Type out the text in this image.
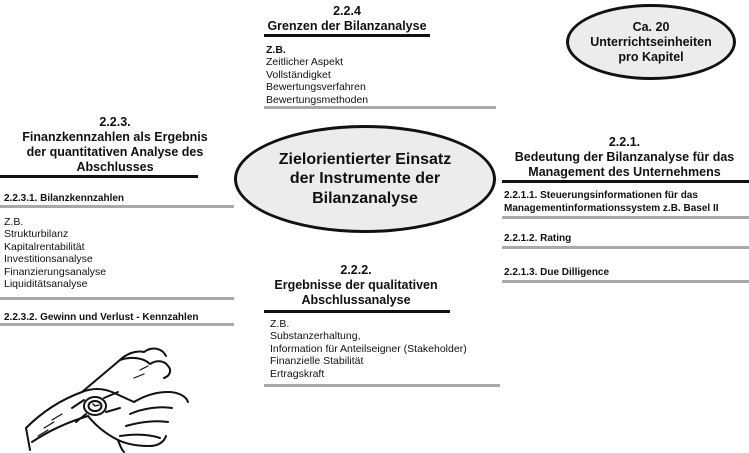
2.2.4
Grenzen der Bilanzanalyse
Z.B.
Zeitlicher Aspekt
Vollständigket
Bewertungsverfahren
Bewertungsmethoden
Ca. 20
Unterrichtseinheiten
pro Kapitel
2.2.3.
Finanzkennzahlen als Ergebnis
der quantitativen Analyse des
Abschlusses
2.2.3.1. Bilanzkennzahlen
Z.B.
Strukturbilanz
Kapitalrentabilität
Investitionsanalyse
Finanzierungsanalyse
Liquiditätsanalyse
2.2.3.2. Gewinn und Verlust - Kennzahlen
Zielorientierter Einsatz
der Instrumente der
Bilanzanalyse
2.2.1.
Bedeutung der Bilanzanalyse für das
Management des Unternehmens
2.2.1.1. Steuerungsinformationen für das
Managementinformationssystem z.B. Basel II
2.2.1.2. Rating
2.2.1.3. Due Dilligence
2.2.2.
Ergebnisse der qualitativen
Abschlussanalyse
Z.B.
Substanzerhaltung,
Information für Anteilseigner (Stakeholder)
Finanzielle Stabilität
Ertragskraft
